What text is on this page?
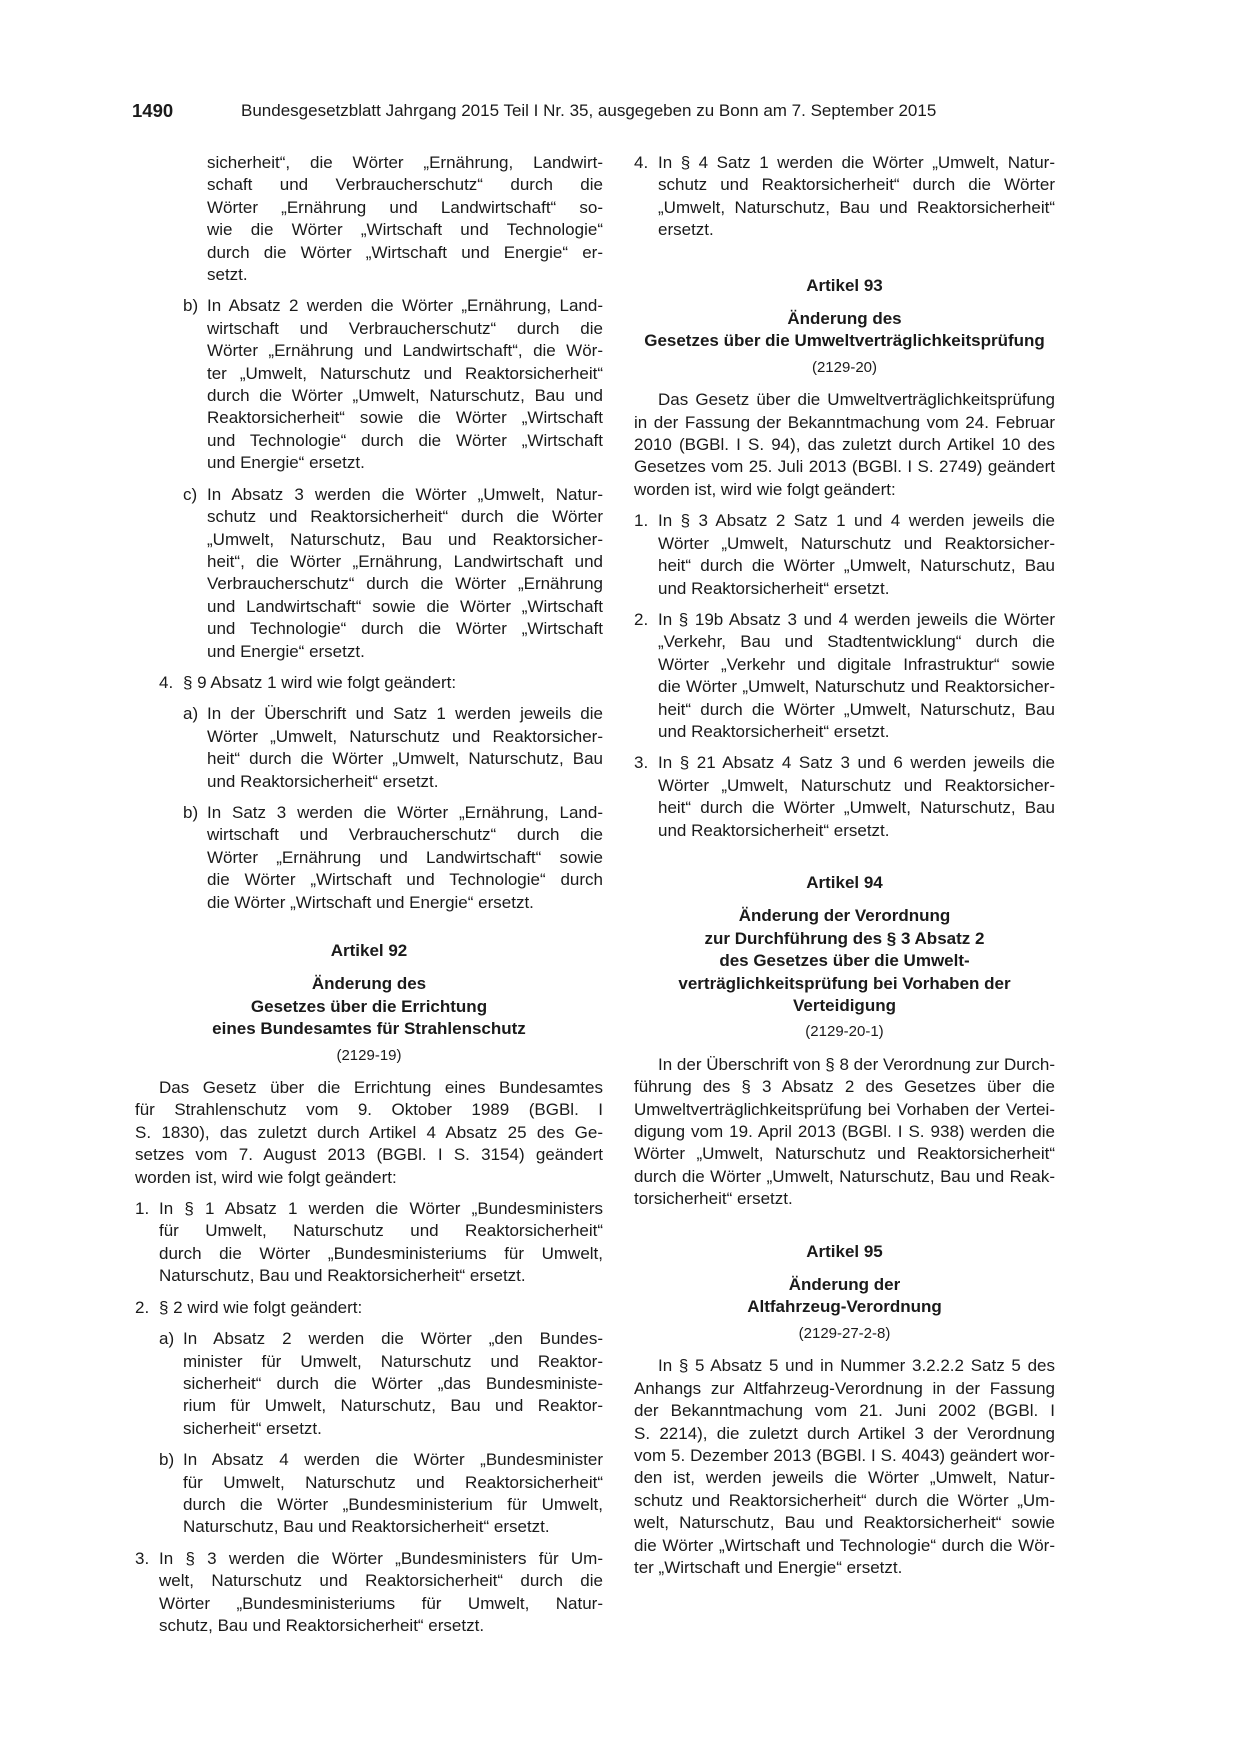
1490	Bundesgesetzblatt Jahrgang 2015 Teil I Nr. 35, ausgegeben zu Bonn am 7. September 2015

sicherheit“, die Wörter „Ernährung, Landwirt-
schaft und Verbraucherschutz“ durch die
Wörter „Ernährung und Landwirtschaft“ so-
wie die Wörter „Wirtschaft und Technologie“
durch die Wörter „Wirtschaft und Energie“ er-
setzt.

b) In Absatz 2 werden die Wörter „Ernährung, Land-
wirtschaft und Verbraucherschutz“ durch die
Wörter „Ernährung und Landwirtschaft“, die Wör-
ter „Umwelt, Naturschutz und Reaktorsicherheit“
durch die Wörter „Umwelt, Naturschutz, Bau und
Reaktorsicherheit“ sowie die Wörter „Wirtschaft
und Technologie“ durch die Wörter „Wirtschaft
und Energie“ ersetzt.

c) In Absatz 3 werden die Wörter „Umwelt, Natur-
schutz und Reaktorsicherheit“ durch die Wörter
„Umwelt, Naturschutz, Bau und Reaktorsicher-
heit“, die Wörter „Ernährung, Landwirtschaft und
Verbraucherschutz“ durch die Wörter „Ernährung
und Landwirtschaft“ sowie die Wörter „Wirtschaft
und Technologie“ durch die Wörter „Wirtschaft
und Energie“ ersetzt.

4. § 9 Absatz 1 wird wie folgt geändert:

a) In der Überschrift und Satz 1 werden jeweils die
Wörter „Umwelt, Naturschutz und Reaktorsicher-
heit“ durch die Wörter „Umwelt, Naturschutz, Bau
und Reaktorsicherheit“ ersetzt.

b) In Satz 3 werden die Wörter „Ernährung, Land-
wirtschaft und Verbraucherschutz“ durch die
Wörter „Ernährung und Landwirtschaft“ sowie
die Wörter „Wirtschaft und Technologie“ durch
die Wörter „Wirtschaft und Energie“ ersetzt.

Artikel 92

Änderung des
Gesetzes über die Errichtung
eines Bundesamtes für Strahlenschutz

(2129-19)

Das Gesetz über die Errichtung eines Bundesamtes
für Strahlenschutz vom 9. Oktober 1989 (BGBl. I
S. 1830), das zuletzt durch Artikel 4 Absatz 25 des Ge-
setzes vom 7. August 2013 (BGBl. I S. 3154) geändert
worden ist, wird wie folgt geändert:

1. In § 1 Absatz 1 werden die Wörter „Bundesministers
für Umwelt, Naturschutz und Reaktorsicherheit“
durch die Wörter „Bundesministeriums für Umwelt,
Naturschutz, Bau und Reaktorsicherheit“ ersetzt.

2. § 2 wird wie folgt geändert:

a) In Absatz 2 werden die Wörter „den Bundes-
minister für Umwelt, Naturschutz und Reaktor-
sicherheit“ durch die Wörter „das Bundesministe-
rium für Umwelt, Naturschutz, Bau und Reaktor-
sicherheit“ ersetzt.

b) In Absatz 4 werden die Wörter „Bundesminister
für Umwelt, Naturschutz und Reaktorsicherheit“
durch die Wörter „Bundesministerium für Umwelt,
Naturschutz, Bau und Reaktorsicherheit“ ersetzt.

3. In § 3 werden die Wörter „Bundesministers für Um-
welt, Naturschutz und Reaktorsicherheit“ durch die
Wörter „Bundesministeriums für Umwelt, Natur-
schutz, Bau und Reaktorsicherheit“ ersetzt.

4. In § 4 Satz 1 werden die Wörter „Umwelt, Natur-
schutz und Reaktorsicherheit“ durch die Wörter
„Umwelt, Naturschutz, Bau und Reaktorsicherheit“
ersetzt.

Artikel 93

Änderung des
Gesetzes über die Umweltverträglichkeitsprüfung

(2129-20)

Das Gesetz über die Umweltverträglichkeitsprüfung
in der Fassung der Bekanntmachung vom 24. Februar
2010 (BGBl. I S. 94), das zuletzt durch Artikel 10 des
Gesetzes vom 25. Juli 2013 (BGBl. I S. 2749) geändert
worden ist, wird wie folgt geändert:

1. In § 3 Absatz 2 Satz 1 und 4 werden jeweils die
Wörter „Umwelt, Naturschutz und Reaktorsicher-
heit“ durch die Wörter „Umwelt, Naturschutz, Bau
und Reaktorsicherheit“ ersetzt.

2. In § 19b Absatz 3 und 4 werden jeweils die Wörter
„Verkehr, Bau und Stadtentwicklung“ durch die
Wörter „Verkehr und digitale Infrastruktur“ sowie
die Wörter „Umwelt, Naturschutz und Reaktorsicher-
heit“ durch die Wörter „Umwelt, Naturschutz, Bau
und Reaktorsicherheit“ ersetzt.

3. In § 21 Absatz 4 Satz 3 und 6 werden jeweils die
Wörter „Umwelt, Naturschutz und Reaktorsicher-
heit“ durch die Wörter „Umwelt, Naturschutz, Bau
und Reaktorsicherheit“ ersetzt.

Artikel 94

Änderung der Verordnung
zur Durchführung des § 3 Absatz 2
des Gesetzes über die Umwelt-
verträglichkeitsprüfung bei Vorhaben der Verteidigung

(2129-20-1)

In der Überschrift von § 8 der Verordnung zur Durch-
führung des § 3 Absatz 2 des Gesetzes über die
Umweltverträglichkeitsprüfung bei Vorhaben der Vertei-
digung vom 19. April 2013 (BGBl. I S. 938) werden die
Wörter „Umwelt, Naturschutz und Reaktorsicherheit“
durch die Wörter „Umwelt, Naturschutz, Bau und Reak-
torsicherheit“ ersetzt.

Artikel 95

Änderung der
Altfahrzeug-Verordnung

(2129-27-2-8)

In § 5 Absatz 5 und in Nummer 3.2.2.2 Satz 5 des
Anhangs zur Altfahrzeug-Verordnung in der Fassung
der Bekanntmachung vom 21. Juni 2002 (BGBl. I
S. 2214), die zuletzt durch Artikel 3 der Verordnung
vom 5. Dezember 2013 (BGBl. I S. 4043) geändert wor-
den ist, werden jeweils die Wörter „Umwelt, Natur-
schutz und Reaktorsicherheit“ durch die Wörter „Um-
welt, Naturschutz, Bau und Reaktorsicherheit“ sowie
die Wörter „Wirtschaft und Technologie“ durch die Wör-
ter „Wirtschaft und Energie“ ersetzt.
